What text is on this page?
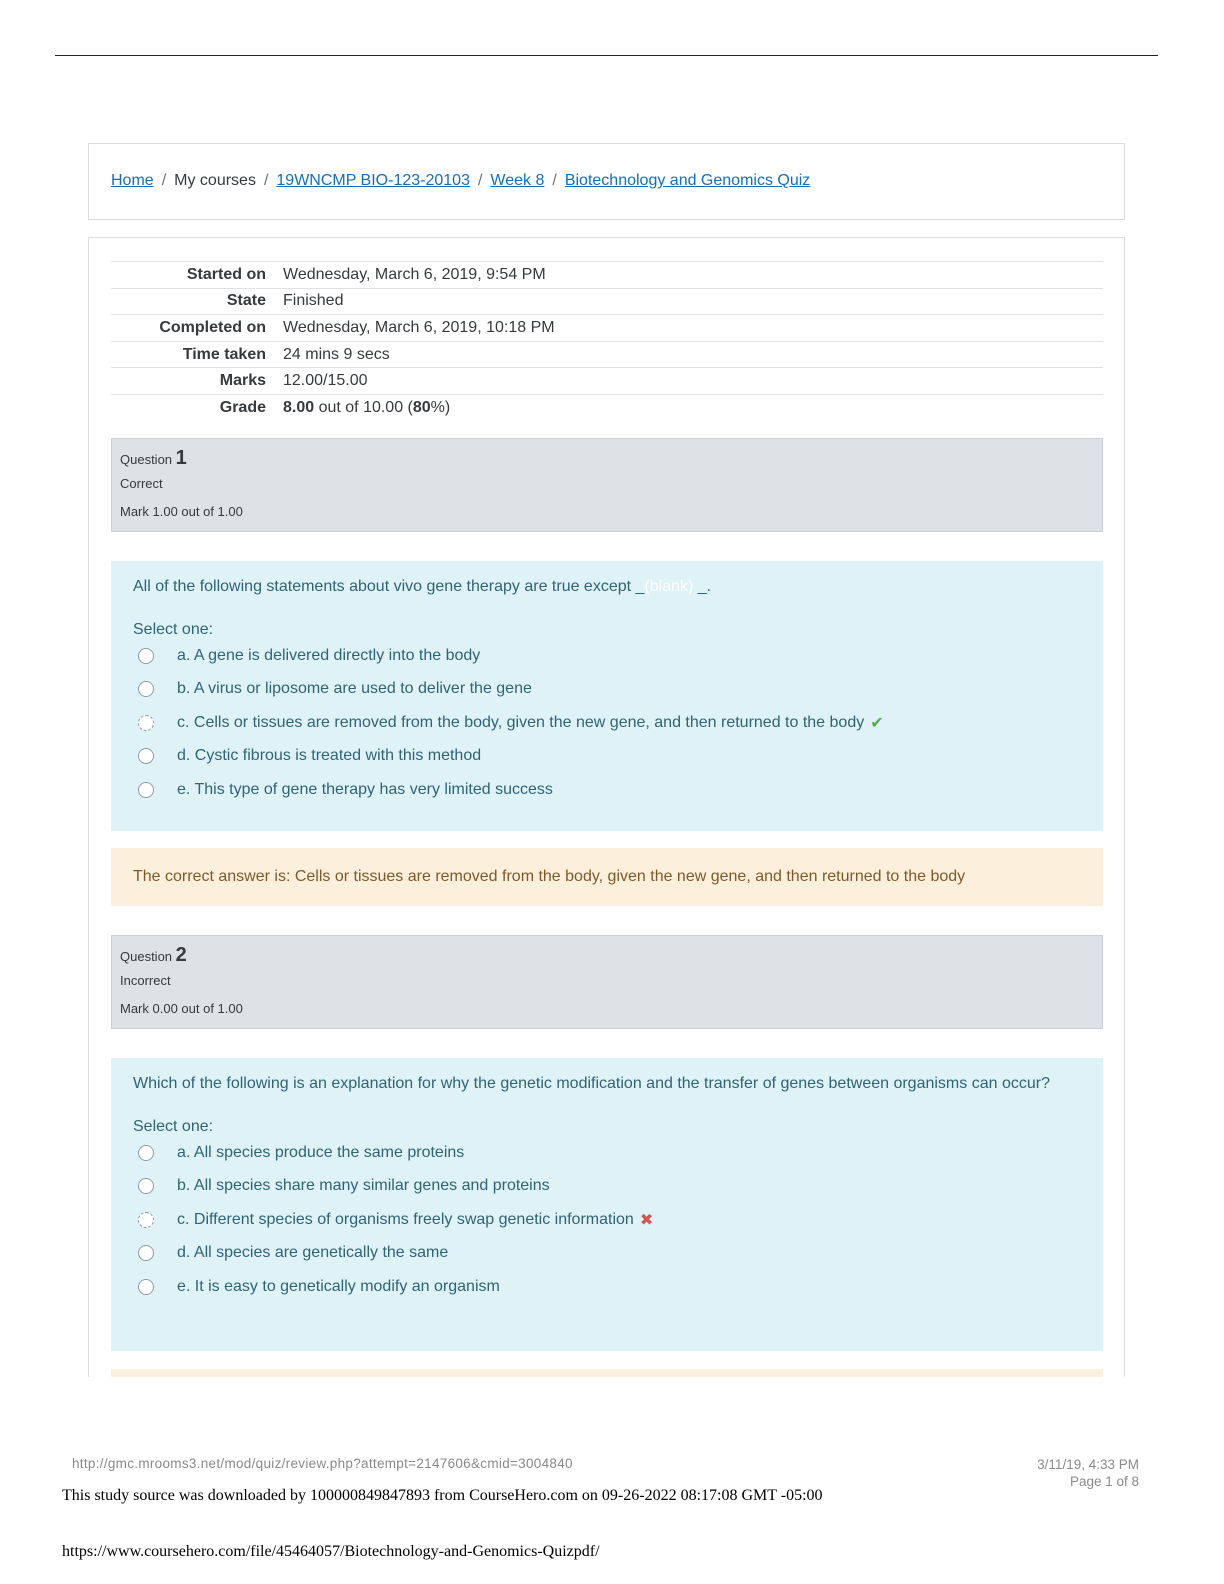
Home / My courses / 19WNCMP BIO-123-20103 / Week 8 / Biotechnology and Genomics Quiz
Started on	Wednesday, March 6, 2019, 9:54 PM
State	Finished
Completed on	Wednesday, March 6, 2019, 10:18 PM
Time taken	24 mins 9 secs
Marks	12.00/15.00
Grade	8.00 out of 10.00 (80%)
Question 1
Correct
Mark 1.00 out of 1.00
All of the following statements about vivo gene therapy are true except _(blank) _.
Select one:
a. A gene is delivered directly into the body
b. A virus or liposome are used to deliver the gene
c. Cells or tissues are removed from the body, given the new gene, and then returned to the body ✔
d. Cystic fibrous is treated with this method
e. This type of gene therapy has very limited success
The correct answer is: Cells or tissues are removed from the body, given the new gene, and then returned to the body
Question 2
Incorrect
Mark 0.00 out of 1.00
Which of the following is an explanation for why the genetic modification and the transfer of genes between organisms can occur?
Select one:
a. All species produce the same proteins
b. All species share many similar genes and proteins
c. Different species of organisms freely swap genetic information ✖
d. All species are genetically the same
e. It is easy to genetically modify an organism
http://gmc.mrooms3.net/mod/quiz/review.php?attempt=2147606&cmid=3004840	3/11/19, 4:33 PM
Page 1 of 8
This study source was downloaded by 100000849847893 from CourseHero.com on 09-26-2022 08:17:08 GMT -05:00
https://www.coursehero.com/file/45464057/Biotechnology-and-Genomics-Quizpdf/
